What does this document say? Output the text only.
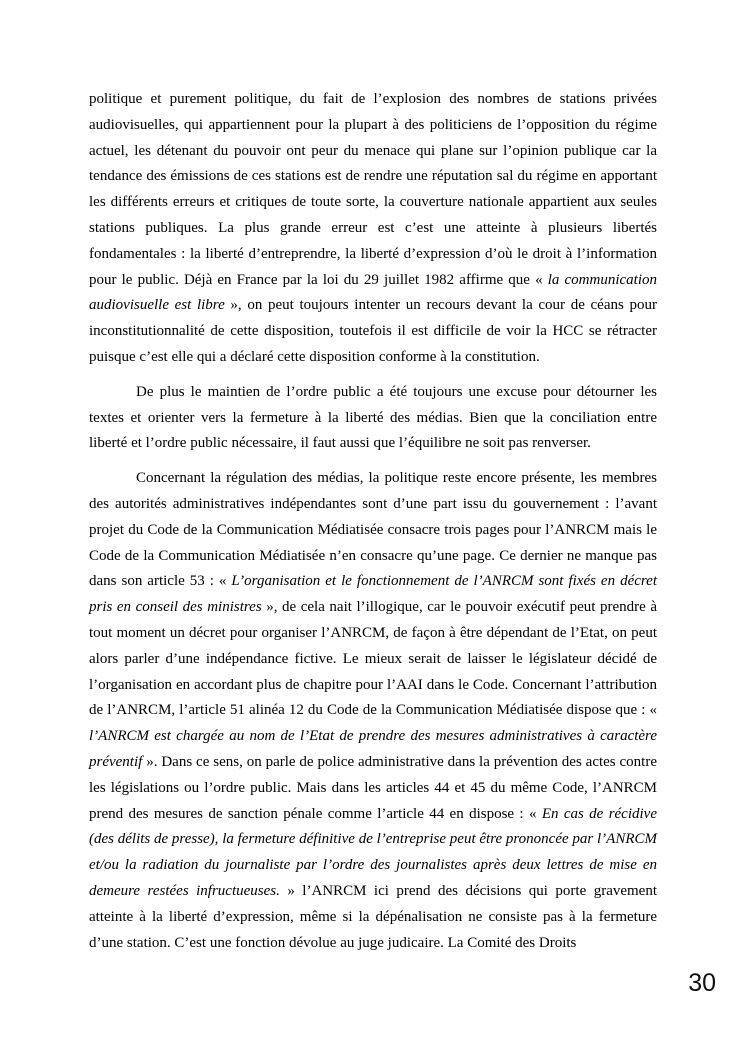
politique et purement politique, du fait de l’explosion des nombres de stations privées audiovisuelles, qui appartiennent pour la plupart à des politiciens de l’opposition du régime actuel, les détenant du pouvoir ont peur du menace qui plane sur l’opinion publique car la tendance des émissions de ces stations est de rendre une réputation sal du régime en apportant les différents erreurs et critiques de toute sorte, la couverture nationale appartient aux seules stations publiques. La plus grande erreur est c’est une atteinte à plusieurs libertés fondamentales : la liberté d’entreprendre, la liberté d’expression d’où le droit à l’information pour le public. Déjà en France par la loi du 29 juillet 1982 affirme que « la communication audiovisuelle est libre », on peut toujours intenter un recours devant la cour de céans pour inconstitutionnalité de cette disposition, toutefois il est difficile de voir la HCC se rétracter puisque c’est elle qui a déclaré cette disposition conforme à la constitution.

De plus le maintien de l’ordre public a été toujours une excuse pour détourner les textes et orienter vers la fermeture à la liberté des médias. Bien que la conciliation entre liberté et l’ordre public nécessaire, il faut aussi que l’équilibre ne soit pas renverser.

Concernant la régulation des médias, la politique reste encore présente, les membres des autorités administratives indépendantes sont d’une part issu du gouvernement : l’avant projet du Code de la Communication Médiatisée consacre trois pages pour l’ANRCM mais le Code de la Communication Médiatisée n’en consacre qu’une page. Ce dernier ne manque pas dans son article 53 : « L’organisation et le fonctionnement de l’ANRCM sont fixés en décret pris en conseil des ministres », de cela nait l’illogique, car le pouvoir exécutif peut prendre à tout moment un décret pour organiser l’ANRCM, de façon à être dépendant de l’Etat, on peut alors parler d’une indépendance fictive. Le mieux serait de laisser le législateur décidé de l’organisation en accordant plus de chapitre pour l’AAI dans le Code. Concernant l’attribution de l’ANRCM, l’article 51 alinéa 12 du Code de la Communication Médiatisée dispose que : « l’ANRCM est chargée au nom de l’Etat de prendre des mesures administratives à caractère préventif ». Dans ce sens, on parle de police administrative dans la prévention des actes contre les législations ou l’ordre public. Mais dans les articles 44 et 45 du même Code, l’ANRCM prend des mesures de sanction pénale comme l’article 44 en dispose : « En cas de récidive (des délits de presse), la fermeture définitive de l’entreprise peut être prononcée par l’ANRCM et/ou la radiation du journaliste par l’ordre des journalistes après deux lettres de mise en demeure restées infructueuses. » l’ANRCM ici prend des décisions qui porte gravement atteinte à la liberté d’expression, même si la dépénalisation ne consiste pas à la fermeture d’une station. C’est une fonction dévolue au juge judicaire. La Comité des Droits

30
